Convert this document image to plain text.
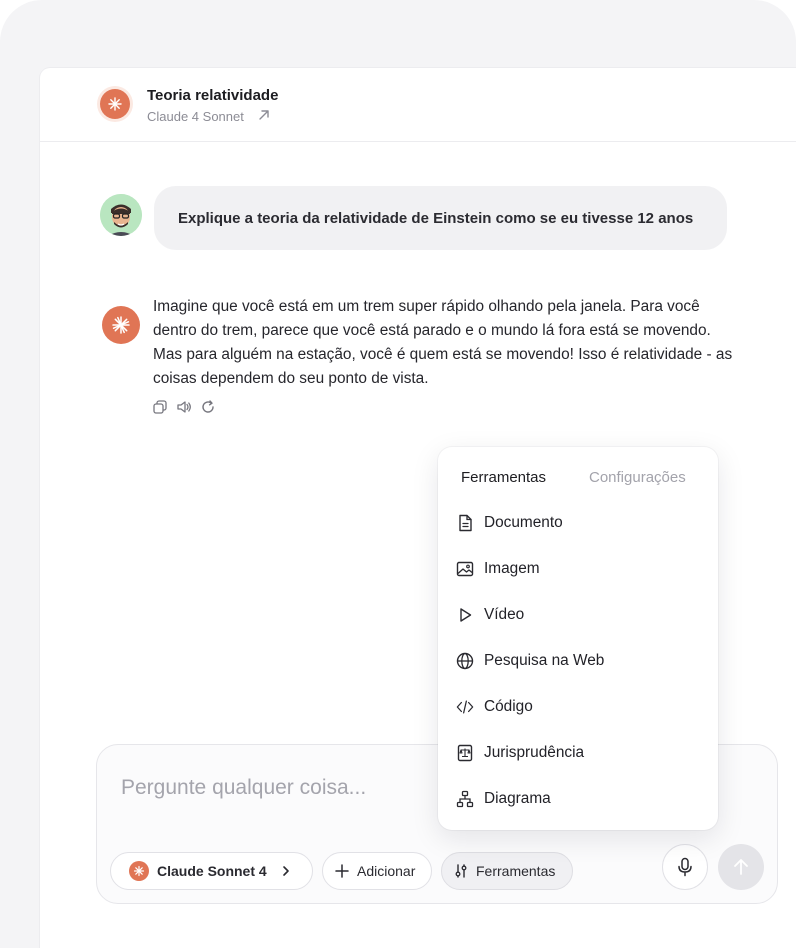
Teoria relatividade
Claude 4 Sonnet
Explique a teoria da relatividade de Einstein como se eu tivesse 12 anos
Imagine que você está em um trem super rápido olhando pela janela. Para você dentro do trem, parece que você está parado e o mundo lá fora está se movendo. Mas para alguém na estação, você é quem está se movendo! Isso é relatividade - as coisas dependem do seu ponto de vista.
Pergunte qualquer coisa...
Claude Sonnet 4	Adicionar	Ferramentas
Ferramentas	Configurações
Documento
Imagem
Vídeo
Pesquisa na Web
Código
Jurisprudência
Diagrama
